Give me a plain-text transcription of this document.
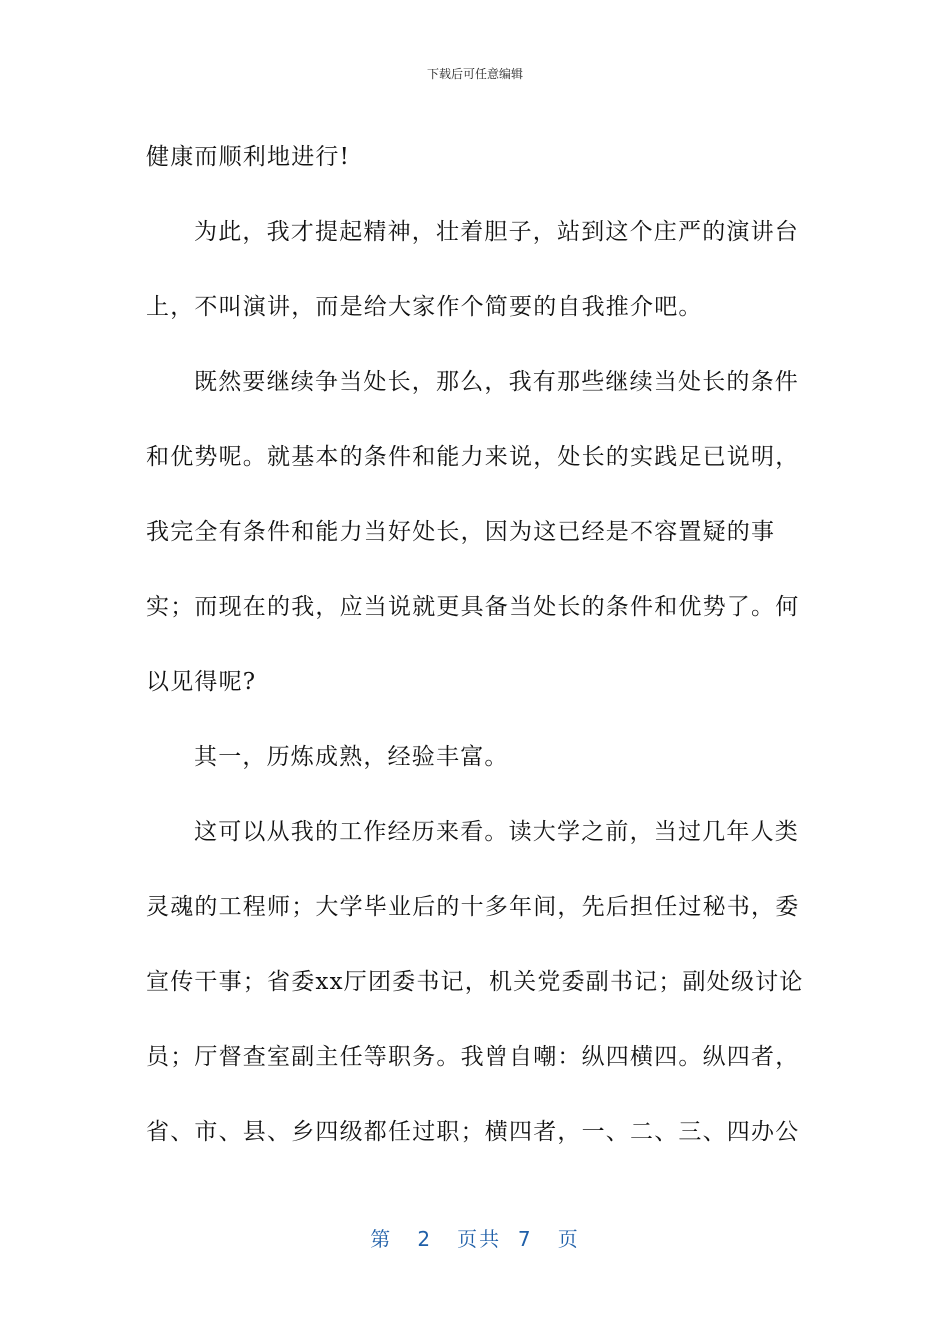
下载后可任意编辑

健康而顺利地进行!

为此，我才提起精神，壮着胆子，站到这个庄严的演讲台上，不叫演讲，而是给大家作个简要的自我推介吧。

既然要继续争当处长，那么，我有那些继续当处长的条件和优势呢。就基本的条件和能力来说，处长的实践足已说明，我完全有条件和能力当好处长，因为这已经是不容置疑的事实；而现在的我，应当说就更具备当处长的条件和优势了。何以见得呢?

其一，历炼成熟，经验丰富。

这可以从我的工作经历来看。读大学之前，当过几年人类灵魂的工程师；大学毕业后的十多年间，先后担任过秘书，委宣传干事；省委xx厅团委书记，机关党委副书记；副处级讨论员；厅督查室副主任等职务。我曾自嘲：纵四横四。纵四者，省、市、县、乡四级都任过职；横四者，一、二、三、四办公

第 2 页共 7 页
